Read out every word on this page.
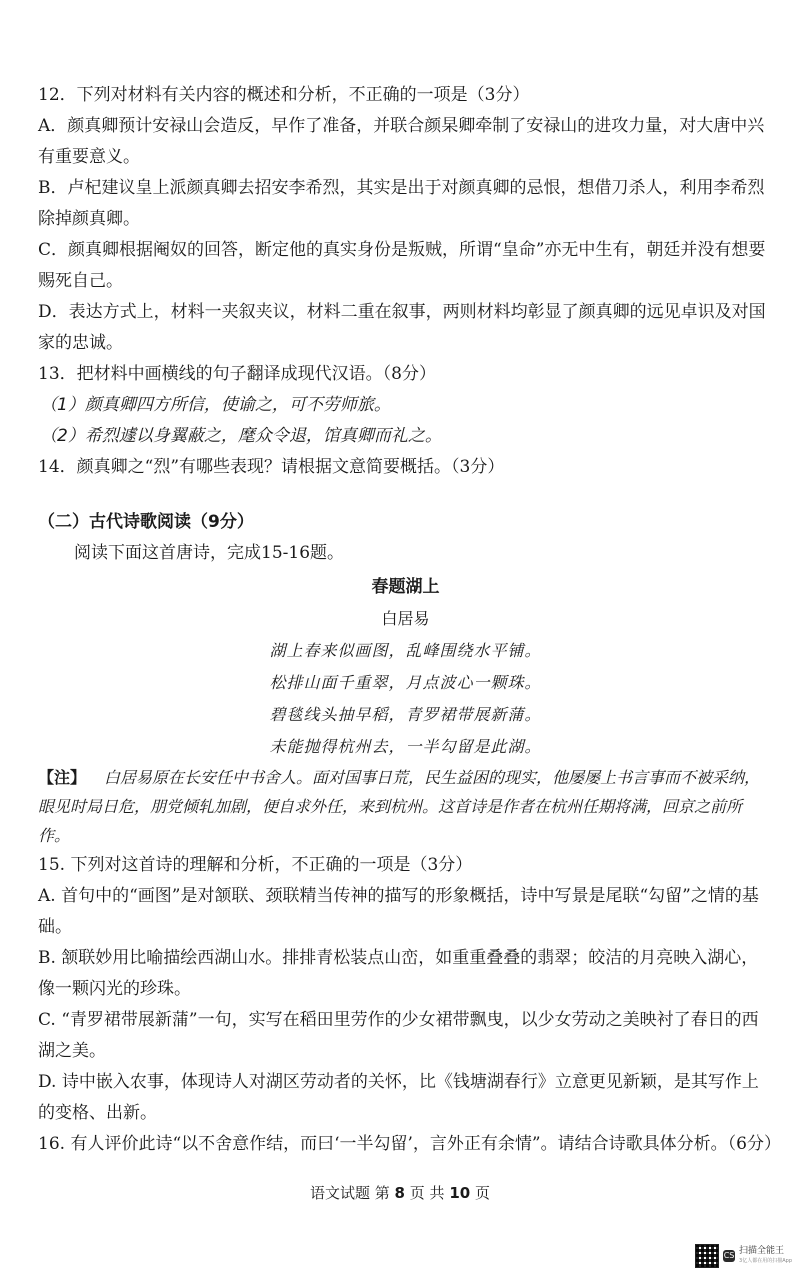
12．下列对材料有关内容的概述和分析，不正确的一项是（3分）
A．颜真卿预计安禄山会造反，早作了准备，并联合颜杲卿牵制了安禄山的进攻力量，对大唐中兴有重要意义。
B．卢杞建议皇上派颜真卿去招安李希烈，其实是出于对颜真卿的忌恨，想借刀杀人，利用李希烈除掉颜真卿。
C．颜真卿根据阉奴的回答，断定他的真实身份是叛贼，所谓“皇命”亦无中生有，朝廷并没有想要赐死自己。
D．表达方式上，材料一夹叙夹议，材料二重在叙事，两则材料均彰显了颜真卿的远见卓识及对国家的忠诚。
13．把材料中画横线的句子翻译成现代汉语。（8分）
（1）颜真卿四方所信，使谕之，可不劳师旅。
（2）希烈遽以身翼蔽之，麾众令退，馆真卿而礼之。
14．颜真卿之“烈”有哪些表现？请根据文意简要概括。（3分）
（二）古代诗歌阅读（9分）
阅读下面这首唐诗，完成15-16题。
春题湖上
白居易
湖上春来似画图，乱峰围绕水平铺。
松排山面千重翠，月点波心一颗珠。
碧毯线头抽早稻，青罗裙带展新蒲。
未能抛得杭州去，一半勾留是此湖。
【注】 白居易原在长安任中书舍人。面对国事日荒，民生益困的现实，他屡屡上书言事而不被采纳，眼见时局日危，朋党倾轧加剧，便自求外任，来到杭州。这首诗是作者在杭州任期将满，回京之前所作。
15. 下列对这首诗的理解和分析，不正确的一项是（3分）
A. 首句中的“画图”是对颔联、颈联精当传神的描写的形象概括，诗中写景是尾联“勾留”之情的基础。
B. 颔联妙用比喻描绘西湖山水。排排青松装点山峦，如重重叠叠的翡翠；皎洁的月亮映入湖心，像一颗闪光的珍珠。
C. “青罗裙带展新蒲”一句，实写在稻田里劳作的少女裙带飘曳，以少女劳动之美映衬了春日的西湖之美。
D. 诗中嵌入农事，体现诗人对湖区劳动者的关怀，比《钱塘湖春行》立意更见新颖，是其写作上的变格、出新。
16. 有人评价此诗“以不舍意作结，而曰‘一半勾留’，言外正有余情”。请结合诗歌具体分析。（6分）
语文试题 第 8 页 共 10 页
CS 扫描全能王
3亿人都在用的扫描App
